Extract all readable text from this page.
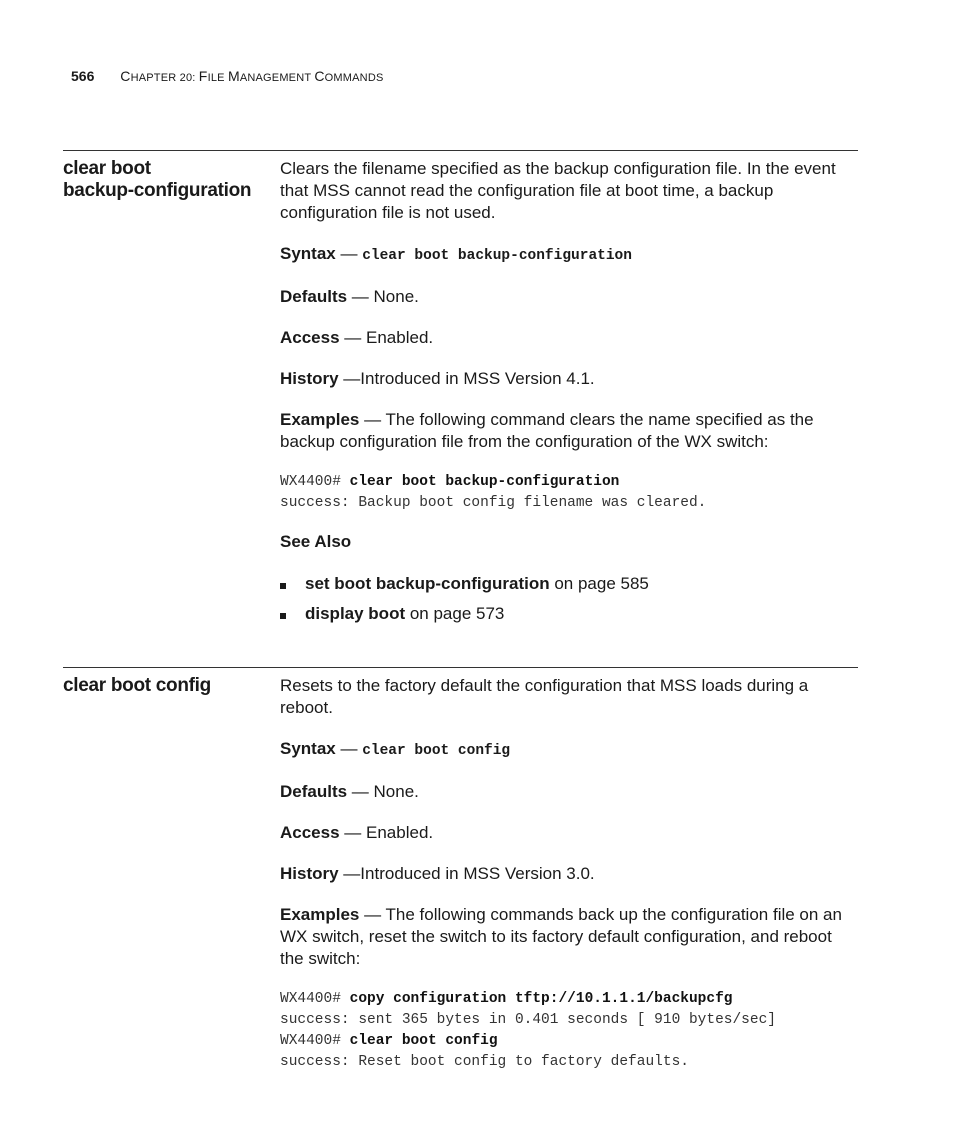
566 CHAPTER 20: FILE MANAGEMENT COMMANDS
clear boot
backup-configuration

Clears the filename specified as the backup configuration file. In the event that MSS cannot read the configuration file at boot time, a backup configuration file is not used.

Syntax — clear boot backup-configuration

Defaults — None.

Access — Enabled.

History —Introduced in MSS Version 4.1.

Examples — The following command clears the name specified as the backup configuration file from the configuration of the WX switch:

WX4400# clear boot backup-configuration
success: Backup boot config filename was cleared.

See Also

set boot backup-configuration on page 585
display boot on page 573
clear boot config	Resets to the factory default the configuration that MSS loads during a reboot.

Syntax — clear boot config

Defaults — None.

Access — Enabled.

History —Introduced in MSS Version 3.0.

Examples — The following commands back up the configuration file on an WX switch, reset the switch to its factory default configuration, and reboot the switch:

WX4400# copy configuration tftp://10.1.1.1/backupcfg
success: sent 365 bytes in 0.401 seconds [ 910 bytes/sec]
WX4400# clear boot config
success: Reset boot config to factory defaults.
